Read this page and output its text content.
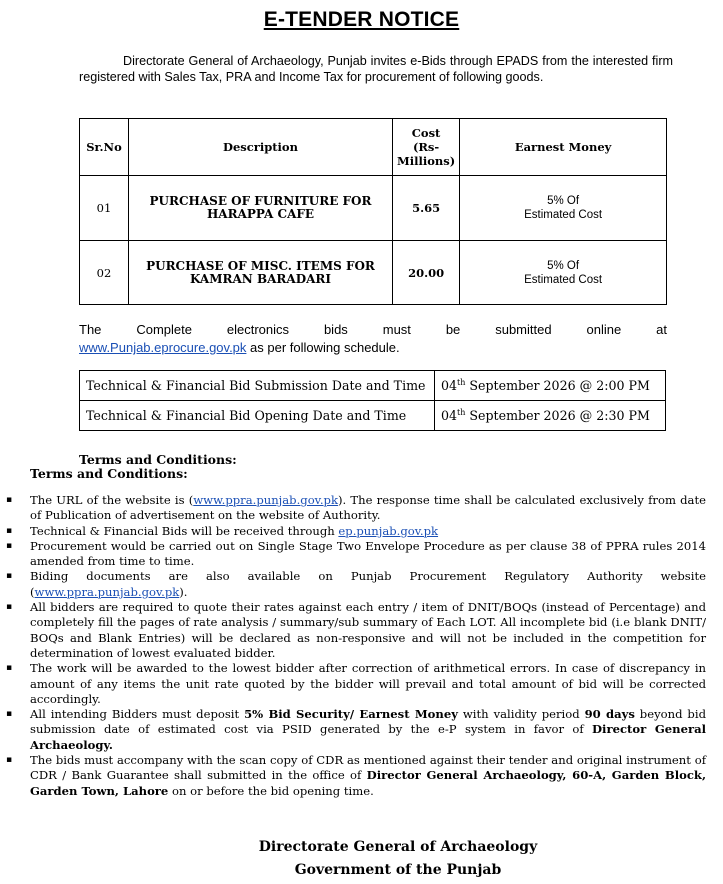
E-TENDER NOTICE
Directorate General of Archaeology, Punjab invites e-Bids through EPADS from the interested firm registered with Sales Tax, PRA and Income Tax for procurement of following goods.
Sr.No	Description	Cost (Rs- Millions)	Earnest Money
01	PURCHASE OF FURNITURE FOR HARAPPA CAFE	5.65	5% Of
Estimated Cost
02	PURCHASE OF MISC. ITEMS FOR KAMRAN BARADARI	20.00	5% Of
Estimated Cost
The	Complete	electronics	bids	must	be	submitted	online	at
www.Punjab.eprocure.gov.pk as per following schedule.
Technical & Financial Bid Submission Date and Time	04th September 2026 @ 2:00 PM
Technical & Financial Bid Opening Date and Time	04th September 2026 @ 2:30 PM
Terms and Conditions:
Terms and Conditions:
▪ The URL of the website is (www.ppra.punjab.gov.pk). The response time shall be calculated exclusively from date of Publication of advertisement on the website of Authority.
▪ Technical & Financial Bids will be received through ep.punjab.gov.pk
▪ Procurement would be carried out on Single Stage Two Envelope Procedure as per clause 38 of PPRA rules 2014 amended from time to time.
▪ Biding documents are also available on Punjab Procurement Regulatory Authority website (www.ppra.punjab.gov.pk).
▪ All bidders are required to quote their rates against each entry / item of DNIT/BOQs (instead of Percentage) and completely fill the pages of rate analysis / summary/sub summary of Each LOT. All incomplete bid (i.e blank DNIT/ BOQs and Blank Entries) will be declared as non-responsive and will not be included in the competition for determination of lowest evaluated bidder.
▪ The work will be awarded to the lowest bidder after correction of arithmetical errors. In case of discrepancy in amount of any items the unit rate quoted by the bidder will prevail and total amount of bid will be corrected accordingly.
▪ All intending Bidders must deposit 5% Bid Security/ Earnest Money with validity period 90 days beyond bid submission date of estimated cost via PSID generated by the e-P system in favor of Director General Archaeology.
▪ The bids must accompany with the scan copy of CDR as mentioned against their tender and original instrument of CDR / Bank Guarantee shall submitted in the office of Director General Archaeology, 60-A, Garden Block, Garden Town, Lahore on or before the bid opening time.
Directorate General of Archaeology
Government of the Punjab
